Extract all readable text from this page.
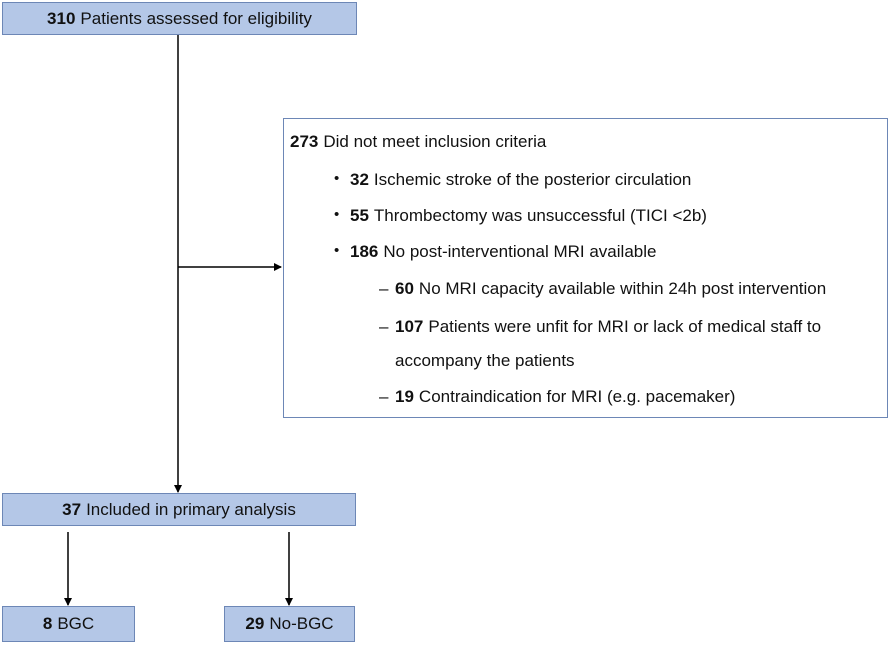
310 Patients assessed for eligibility
273 Did not meet inclusion criteria
• 32 Ischemic stroke of the posterior circulation
• 55 Thrombectomy was unsuccessful (TICI <2b)
• 186 No post-interventional MRI available
– 60 No MRI capacity available within 24h post intervention
– 107 Patients were unfit for MRI or lack of medical staff to
accompany the patients
– 19 Contraindication for MRI (e.g. pacemaker)
37 Included in primary analysis
8 BGC	29 No-BGC
